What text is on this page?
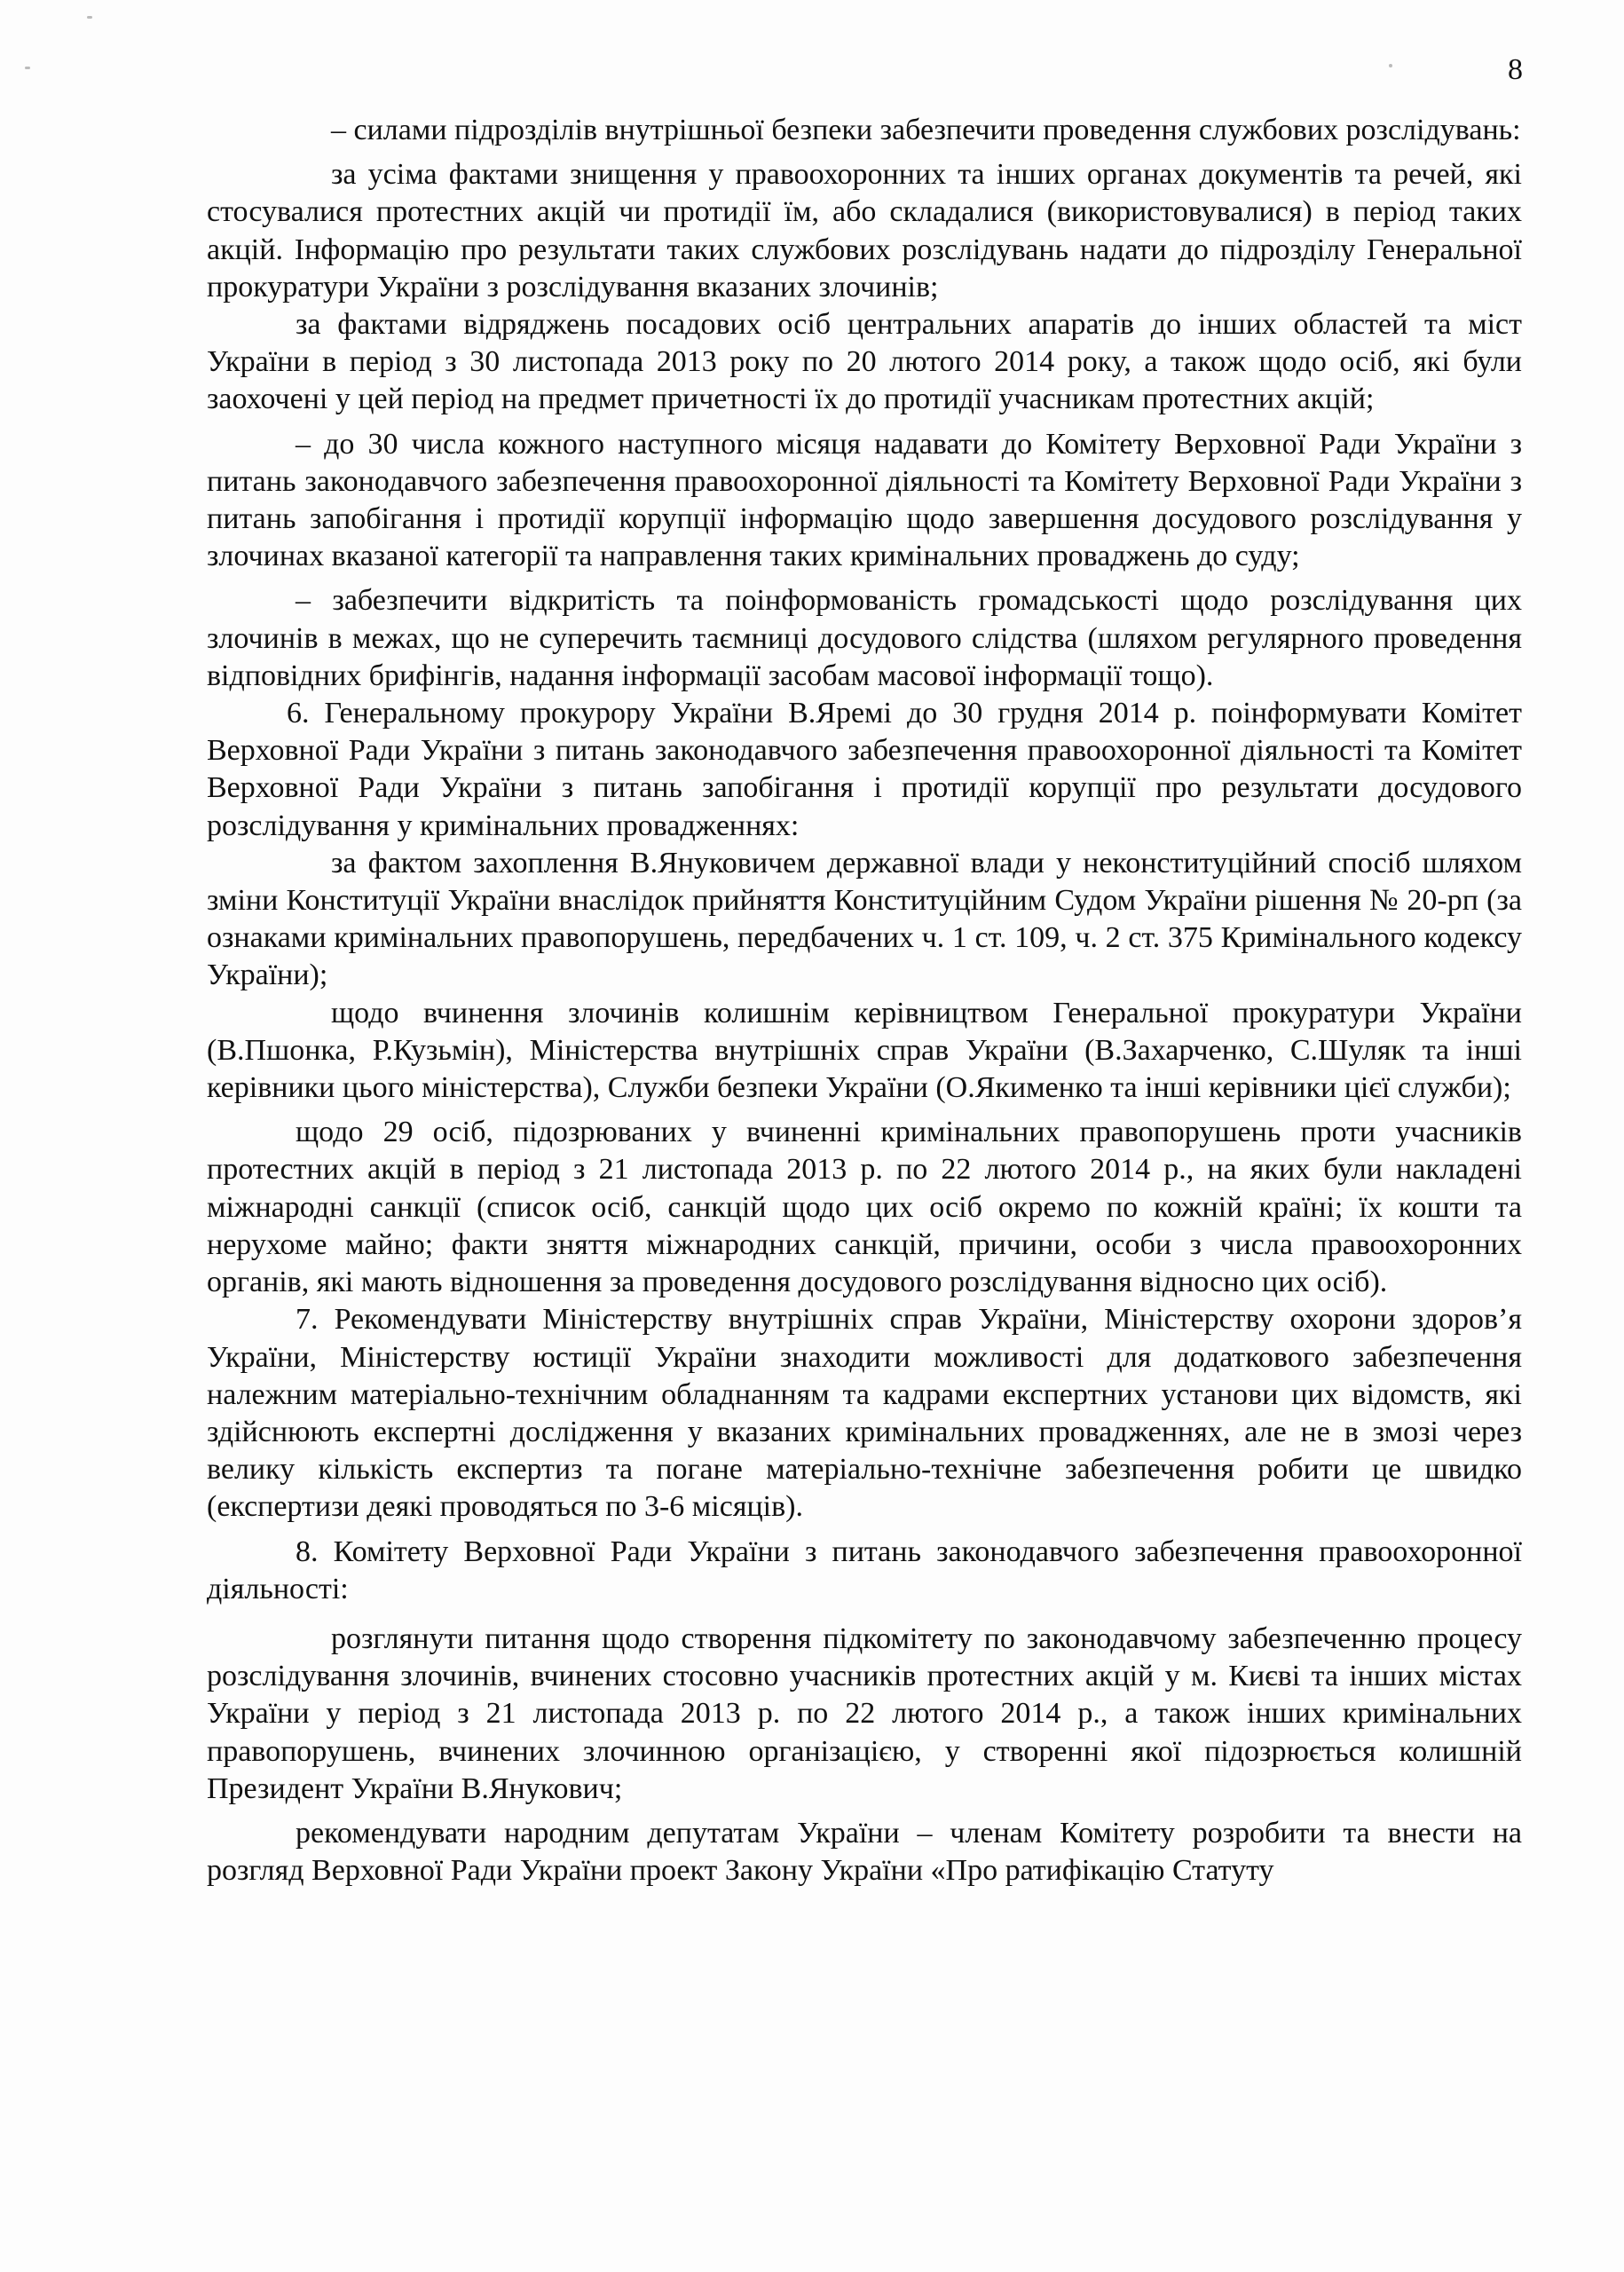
8

– силами підрозділів внутрішньої безпеки забезпечити проведення службових розслідувань:

за усіма фактами знищення у правоохоронних та інших органах документів та речей, які стосувалися протестних акцій чи протидії їм, або складалися (використовувалися) в період таких акцій. Інформацію про результати таких службових розслідувань надати до підрозділу Генеральної прокуратури України з розслідування вказаних злочинів;

за фактами відряджень посадових осіб центральних апаратів до інших областей та міст України в період з 30 листопада 2013 року по 20 лютого 2014 року, а також щодо осіб, які були заохочені у цей період на предмет причетності їх до протидії учасникам протестних акцій;

– до 30 числа кожного наступного місяця надавати до Комітету Верховної Ради України з питань законодавчого забезпечення правоохоронної діяльності та Комітету Верховної Ради України з питань запобігання і протидії корупції інформацію щодо завершення досудового розслідування у злочинах вказаної категорії та направлення таких кримінальних проваджень до суду;

– забезпечити відкритість та поінформованість громадськості щодо розслідування цих злочинів в межах, що не суперечить таємниці досудового слідства (шляхом регулярного проведення відповідних брифінгів, надання інформації засобам масової інформації тощо).

6. Генеральному прокурору України В.Яремі до 30 грудня 2014 р. поінформувати Комітет Верховної Ради України з питань законодавчого забезпечення правоохоронної діяльності та Комітет Верховної Ради України з питань запобігання і протидії корупції про результати досудового розслідування у кримінальних провадженнях:

за фактом захоплення В.Януковичем державної влади у неконституційний спосіб шляхом зміни Конституції України внаслідок прийняття Конституційним Судом України рішення № 20-рп (за ознаками кримінальних правопорушень, передбачених ч. 1 ст. 109, ч. 2 ст. 375 Кримінального кодексу України);

щодо вчинення злочинів колишнім керівництвом Генеральної прокуратури України (В.Пшонка, Р.Кузьмін), Міністерства внутрішніх справ України (В.Захарченко, С.Шуляк та інші керівники цього міністерства), Служби безпеки України (О.Якименко та інші керівники цієї служби);

щодо 29 осіб, підозрюваних у вчиненні кримінальних правопорушень проти учасників протестних акцій в період з 21 листопада 2013 р. по 22 лютого 2014 р., на яких були накладені міжнародні санкції (список осіб, санкцій щодо цих осіб окремо по кожній країні; їх кошти та нерухоме майно; факти зняття міжнародних санкцій, причини, особи з числа правоохоронних органів, які мають відношення за проведення досудового розслідування відносно цих осіб).

7. Рекомендувати Міністерству внутрішніх справ України, Міністерству охорони здоров’я України, Міністерству юстиції України знаходити можливості для додаткового забезпечення належним матеріально-технічним обладнанням та кадрами експертних установи цих відомств, які здійснюють експертні дослідження у вказаних кримінальних провадженнях, але не в змозі через велику кількість експертиз та погане матеріально-технічне забезпечення робити це швидко (експертизи деякі проводяться по 3-6 місяців).

8. Комітету Верховної Ради України з питань законодавчого забезпечення правоохоронної діяльності:

розглянути питання щодо створення підкомітету по законодавчому забезпеченню процесу розслідування злочинів, вчинених стосовно учасників протестних акцій у м. Києві та інших містах України у період з 21 листопада 2013 р. по 22 лютого 2014 р., а також інших кримінальних правопорушень, вчинених злочинною організацією, у створенні якої підозрюється колишній Президент України В.Янукович;

рекомендувати народним депутатам України – членам Комітету розробити та внести на розгляд Верховної Ради України проект Закону України «Про ратифікацію Статуту
